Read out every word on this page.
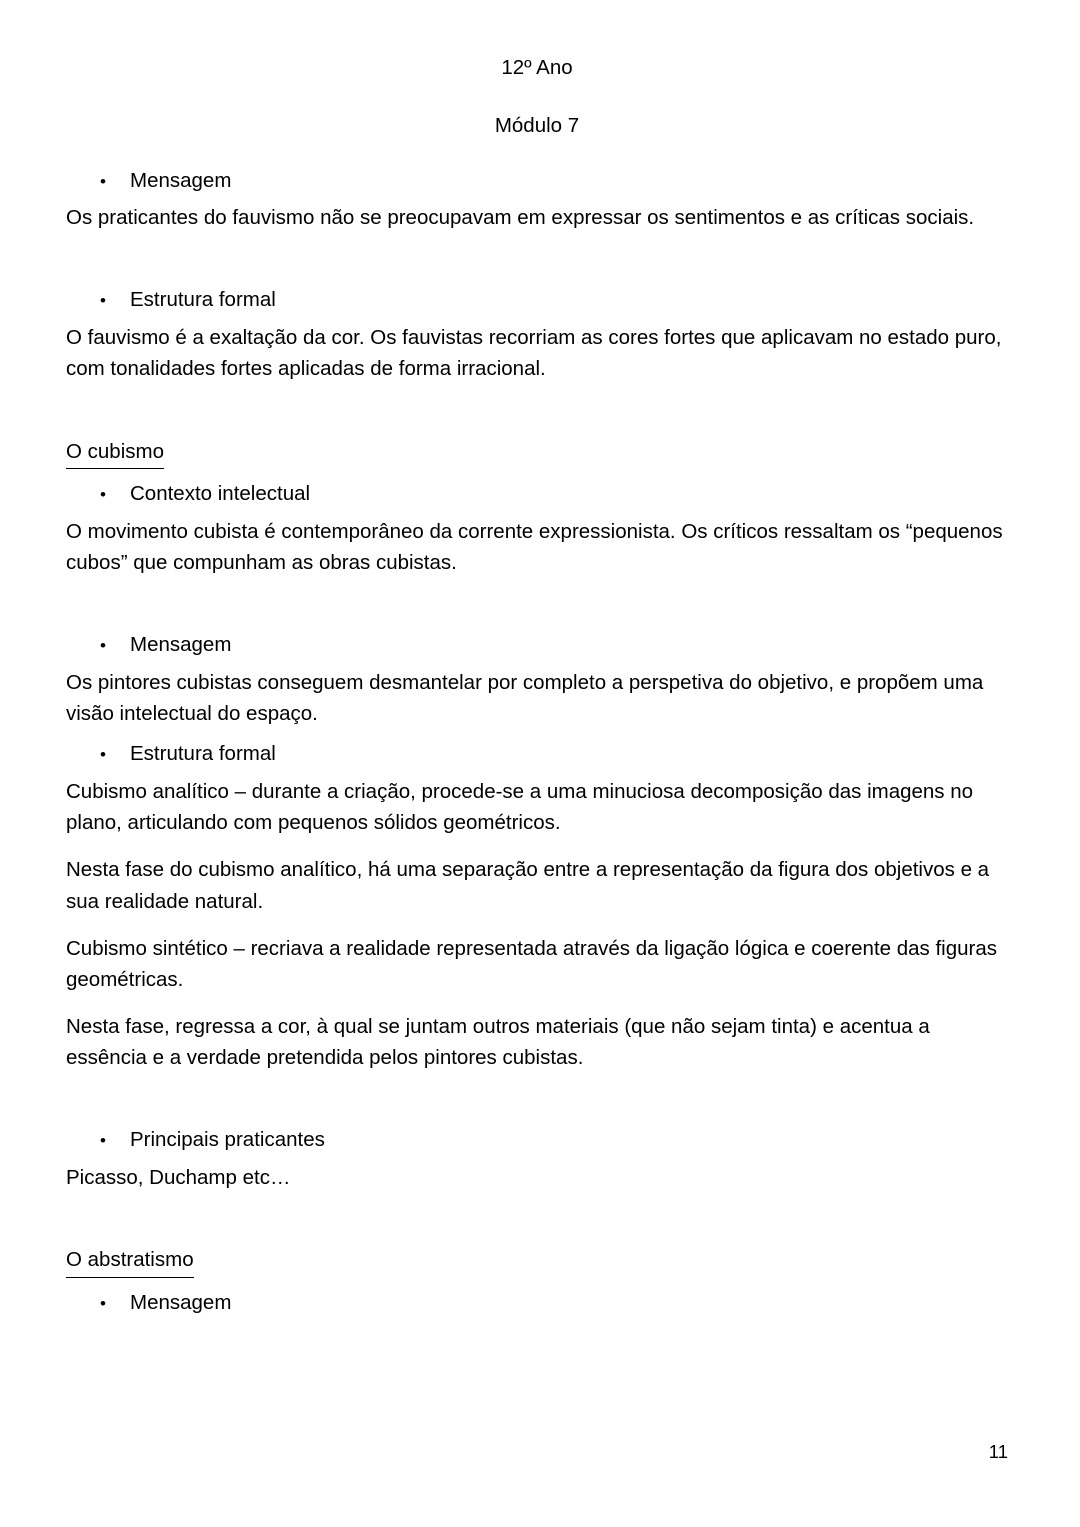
12º Ano
Módulo 7
•	Mensagem

Os praticantes do fauvismo não se preocupavam em expressar os sentimentos e as críticas sociais.

•	Estrutura formal

O fauvismo é a exaltação da cor. Os fauvistas recorriam as cores fortes que aplicavam no estado puro, com tonalidades fortes aplicadas de forma irracional.

O cubismo
•	Contexto intelectual

O movimento cubista é contemporâneo da corrente expressionista. Os críticos ressaltam os “pequenos cubos” que compunham as obras cubistas.

•	Mensagem

Os pintores cubistas conseguem desmantelar por completo a perspetiva do objetivo, e propõem uma visão intelectual do espaço.

•	Estrutura formal

Cubismo analítico – durante a criação, procede-se a uma minuciosa decomposição das imagens no plano, articulando com pequenos sólidos geométricos.

Nesta fase do cubismo analítico, há uma separação entre a representação da figura dos objetivos e a sua realidade natural.

Cubismo sintético – recriava a realidade representada através da ligação lógica e coerente das figuras geométricas.

Nesta fase, regressa a cor, à qual se juntam outros materiais (que não sejam tinta) e acentua a essência e a verdade pretendida pelos pintores cubistas.

•	Principais praticantes

Picasso, Duchamp etc…

O abstratismo
•	Mensagem
11
